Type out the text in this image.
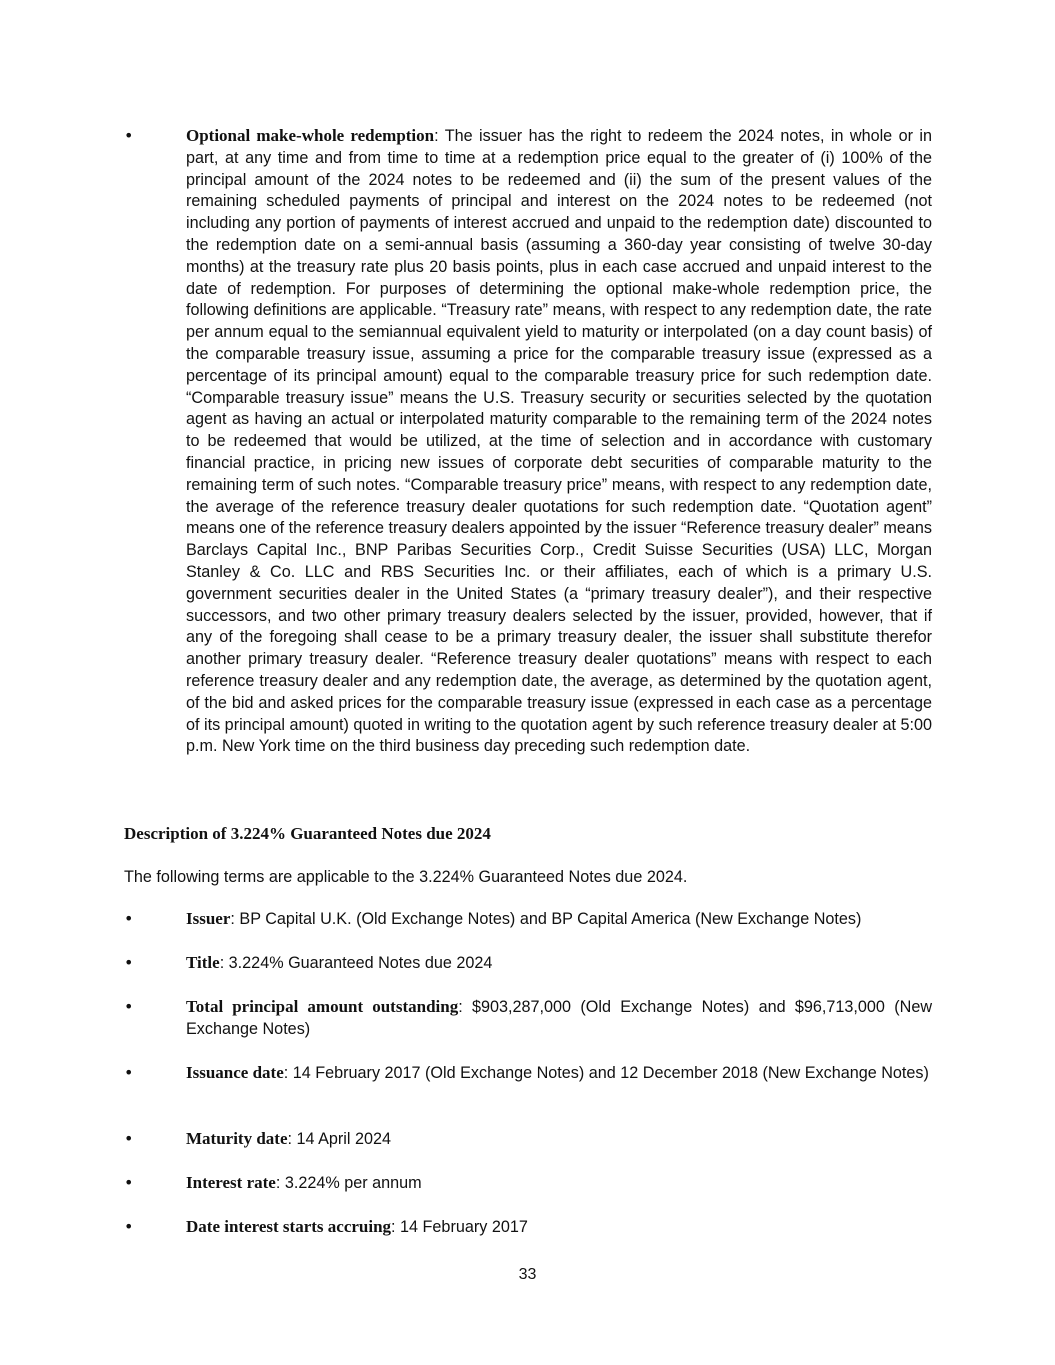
•	Optional make-whole redemption: The issuer has the right to redeem the 2024 notes, in whole or in part, at any time and from time to time at a redemption price equal to the greater of (i) 100% of the principal amount of the 2024 notes to be redeemed and (ii) the sum of the present values of the remaining scheduled payments of principal and interest on the 2024 notes to be redeemed (not including any portion of payments of interest accrued and unpaid to the redemption date) discounted to the redemption date on a semi-annual basis (assuming a 360-day year consisting of twelve 30-day months) at the treasury rate plus 20 basis points, plus in each case accrued and unpaid interest to the date of redemption. For purposes of determining the optional make-whole redemption price, the following definitions are applicable. “Treasury rate” means, with respect to any redemption date, the rate per annum equal to the semiannual equivalent yield to maturity or interpolated (on a day count basis) of the comparable treasury issue, assuming a price for the comparable treasury issue (expressed as a percentage of its principal amount) equal to the comparable treasury price for such redemption date. “Comparable treasury issue” means the U.S. Treasury security or securities selected by the quotation agent as having an actual or interpolated maturity comparable to the remaining term of the 2024 notes to be redeemed that would be utilized, at the time of selection and in accordance with customary financial practice, in pricing new issues of corporate debt securities of comparable maturity to the remaining term of such notes. “Comparable treasury price” means, with respect to any redemption date, the average of the reference treasury dealer quotations for such redemption date. “Quotation agent” means one of the reference treasury dealers appointed by the issuer “Reference treasury dealer” means Barclays Capital Inc., BNP Paribas Securities Corp., Credit Suisse Securities (USA) LLC, Morgan Stanley & Co. LLC and RBS Securities Inc. or their affiliates, each of which is a primary U.S. government securities dealer in the United States (a “primary treasury dealer”), and their respective successors, and two other primary treasury dealers selected by the issuer, provided, however, that if any of the foregoing shall cease to be a primary treasury dealer, the issuer shall substitute therefor another primary treasury dealer. “Reference treasury dealer quotations” means with respect to each reference treasury dealer and any redemption date, the average, as determined by the quotation agent, of the bid and asked prices for the comparable treasury issue (expressed in each case as a percentage of its principal amount) quoted in writing to the quotation agent by such reference treasury dealer at 5:00 p.m. New York time on the third business day preceding such redemption date.
Description of 3.224% Guaranteed Notes due 2024
The following terms are applicable to the 3.224% Guaranteed Notes due 2024.
•	Issuer: BP Capital U.K. (Old Exchange Notes) and BP Capital America (New Exchange Notes)
•	Title: 3.224% Guaranteed Notes due 2024
•	Total principal amount outstanding: $903,287,000 (Old Exchange Notes) and $96,713,000 (New Exchange Notes)
•	Issuance date: 14 February 2017 (Old Exchange Notes) and 12 December 2018 (New Exchange Notes)
•	Maturity date: 14 April 2024
•	Interest rate: 3.224% per annum
•	Date interest starts accruing: 14 February 2017
33
